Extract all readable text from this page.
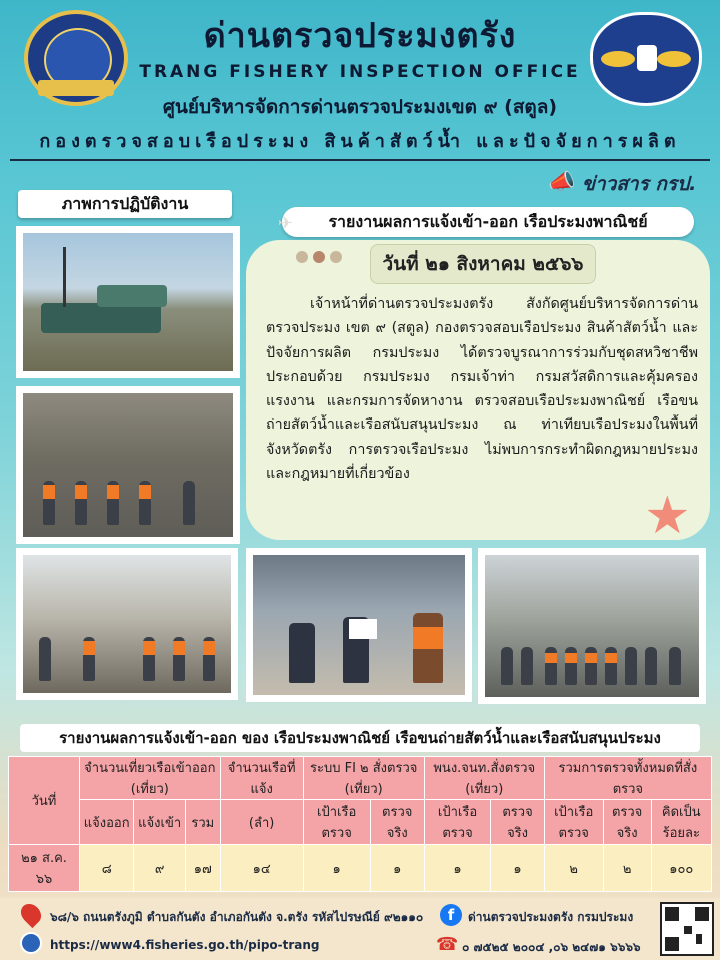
ด่านตรวจประมงตรัง
TRANG FISHERY INSPECTION OFFICE
ศูนย์บริหารจัดการด่านตรวจประมงเขต ๙ (สตูล)
กองตรวจสอบเรือประมง สินค้าสัตว์น้ำ และปัจจัยการผลิต
📣 ข่าวสาร กรป.
ภาพการปฏิบัติงาน
✈ รายงานผลการแจ้งเข้า-ออก เรือประมงพาณิชย์
วันที่ ๒๑ สิงหาคม ๒๕๖๖
เจ้าหน้าที่ด่านตรวจประมงตรัง สังกัดศูนย์บริหารจัดการด่านตรวจประมง เขต ๙ (สตูล) กองตรวจสอบเรือประมง สินค้าสัตว์น้ำ และปัจจัยการผลิต กรมประมง ได้ตรวจบูรณาการร่วมกับชุดสหวิชาชีพ ประกอบด้วย กรมประมง กรมเจ้าท่า กรมสวัสดิการและคุ้มครองแรงงาน และกรมการจัดหางาน ตรวจสอบเรือประมงพาณิชย์ เรือขนถ่ายสัตว์น้ำและเรือสนับสนุนประมง ณ ท่าเทียบเรือประมงในพื้นที่จังหวัดตรัง การตรวจเรือประมง ไม่พบการกระทำผิดกฎหมายประมงและกฎหมายที่เกี่ยวข้อง
★
รายงานผลการแจ้งเข้า-ออก ของ เรือประมงพาณิชย์ เรือขนถ่ายสัตว์น้ำและเรือสนับสนุนประมง
วันที่	จำนวนเที่ยวเรือเข้าออก (เที่ยว)			จำนวนเรือที่แจ้ง	ระบบ FI ๒ สั่งตรวจ (เที่ยว)		พนง.จนท.สั่งตรวจ (เที่ยว)		รวมการตรวจทั้งหมดที่สั่งตรวจ		
	แจ้งออก	แจ้งเข้า	รวม	(ลำ)	เป้าเรือตรวจ	ตรวจจริง	เป้าเรือตรวจ	ตรวจจริง	เป้าเรือตรวจ	ตรวจจริง	คิดเป็นร้อยละ
๒๑ ส.ค. ๖๖	๘	๙	๑๗	๑๔	๑	๑	๑	๑	๒	๒	๑๐๐
๖๘/๖ ถนนตรังภูมิ ตำบลกันตัง อำเภอกันตัง จ.ตรัง รหัสไปรษณีย์ ๙๒๑๑๐	f	ด่านตรวจประมงตรัง กรมประมง
https://www4.fisheries.go.th/pipo-trang	☎ ๐ ๗๕๒๕ ๒๐๐๔ ,๐๖ ๒๔๗๑ ๖๖๖๖
